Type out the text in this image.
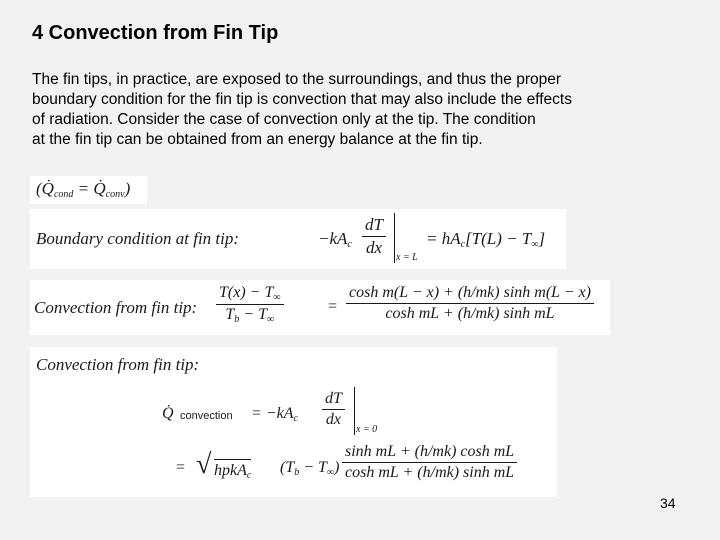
4 Convection from Fin Tip
The fin tips, in practice, are exposed to the surroundings, and thus the proper
boundary condition for the fin tip is convection that may also include the effects
of radiation. Consider the case of convection only at the tip. The condition
at the fin tip can be obtained from an energy balance at the fin tip.
($Q̇_{cond}$ = $Q̇_{conv}$)
Boundary condition at fin tip:	$-kA_c \frac{dT}{dx}$ x = L
= $hA_c[T(L) - T_\infty]$
Convection from fin tip: $\frac{T(x) - T_\infty}{T_b - T_\infty}$	= $\frac{\text{cosh m(L − x) + (h/mk) sinh m(L − x)}}{\text{cosh mL + (h/mk) sinh mL}}$
Convection from fin tip:
Q̇ convection = $-kA_c \frac{dT}{dx}$
x = 0
= √ hpkA$_c$ $(T_b - T_\infty) \frac{\text{sinh mL + (h/mk) cosh mL}}{\text{cosh mL + (h/mk) sinh mL}}$
34
